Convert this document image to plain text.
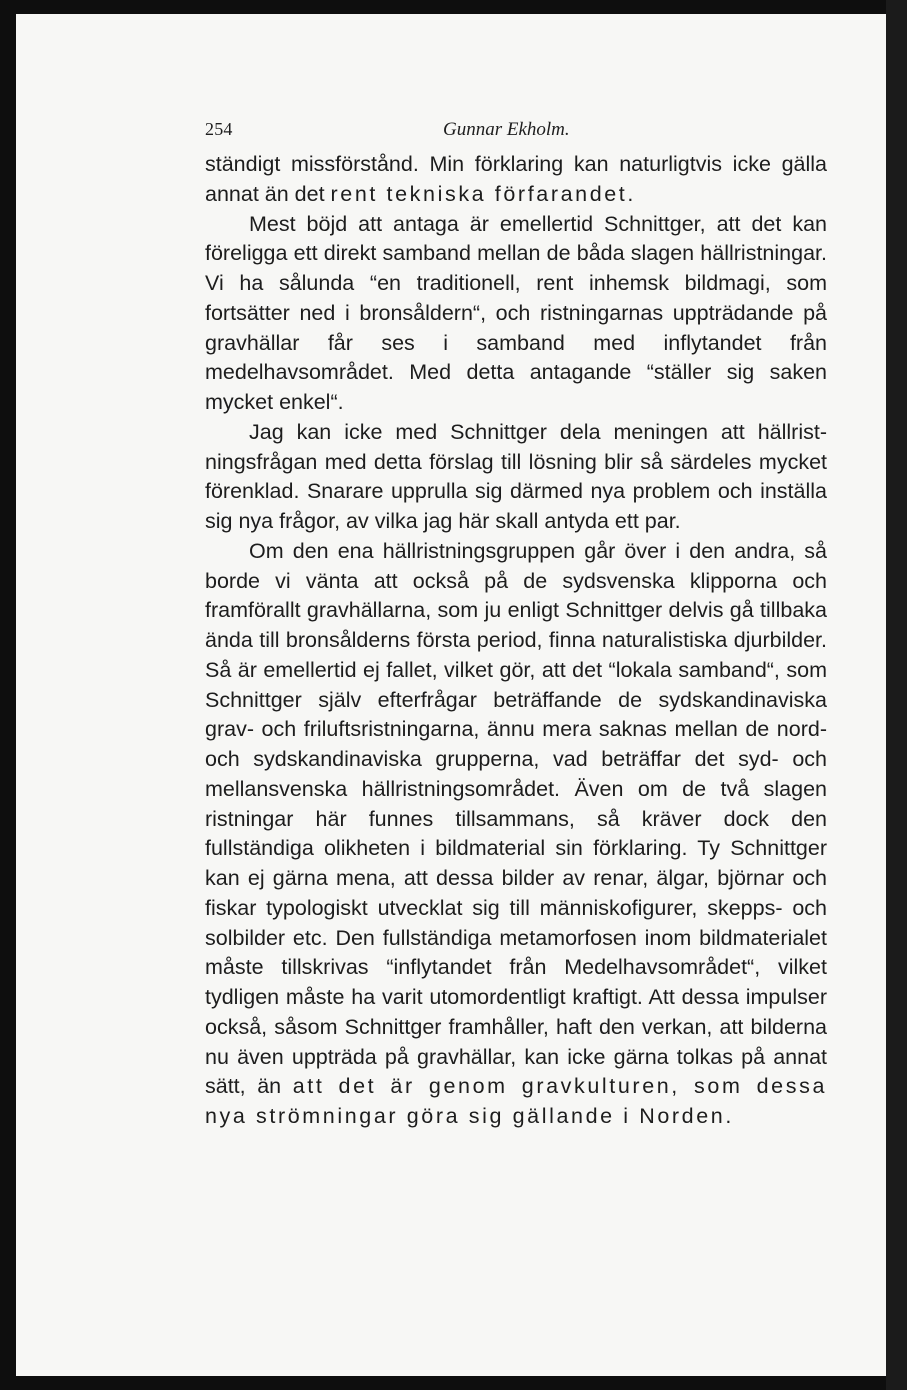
254	Gunnar Ekholm.

ständigt missförstånd. Min förklaring kan naturligtvis icke gälla annat än det rent tekniska förfarandet.

Mest böjd att antaga är emellertid Schnittger, att det kan föreligga ett direkt samband mellan de båda slagen hällristningar. Vi ha sålunda “en traditionell, rent inhemsk bildmagi, som fortsätter ned i bronsåldern“, och ristningarnas uppträdande på gravhällar får ses i samband med inflytandet från medelhavsområdet. Med detta antagande “ställer sig saken mycket enkel“.

Jag kan icke med Schnittger dela meningen att hällristningsfrågan med detta förslag till lösning blir så särdeles mycket förenklad. Snarare upprulla sig därmed nya problem och inställa sig nya frågor, av vilka jag här skall antyda ett par.

Om den ena hällristningsgruppen går över i den andra, så borde vi vänta att också på de sydsvenska klipporna och framförallt gravhällarna, som ju enligt Schnittger delvis gå tillbaka ända till bronsålderns första period, finna naturalistiska djurbilder. Så är emellertid ej fallet, vilket gör, att det “lokala samband“, som Schnittger själv efterfrågar beträffande de sydskandinaviska grav- och friluftsristningarna, ännu mera saknas mellan de nord- och sydskandinaviska grupperna, vad beträffar det syd- och mellansvenska hällristningsområdet. Även om de två slagen ristningar här funnes tillsammans, så kräver dock den fullständiga olikheten i bildmaterial sin förklaring. Ty Schnittger kan ej gärna mena, att dessa bilder av renar, älgar, björnar och fiskar typologiskt utvecklat sig till människofigurer, skepps- och solbilder etc. Den fullständiga metamorfosen inom bildmaterialet måste tillskrivas “inflytandet från Medelhavsområdet“, vilket tydligen måste ha varit utomordentligt kraftigt. Att dessa impulser också, såsom Schnittger framhåller, haft den verkan, att bilderna nu även uppträda på gravhällar, kan icke gärna tolkas på annat sätt, än att det är genom gravkulturen, som dessa nya strömningar göra sig gällande i Norden.
